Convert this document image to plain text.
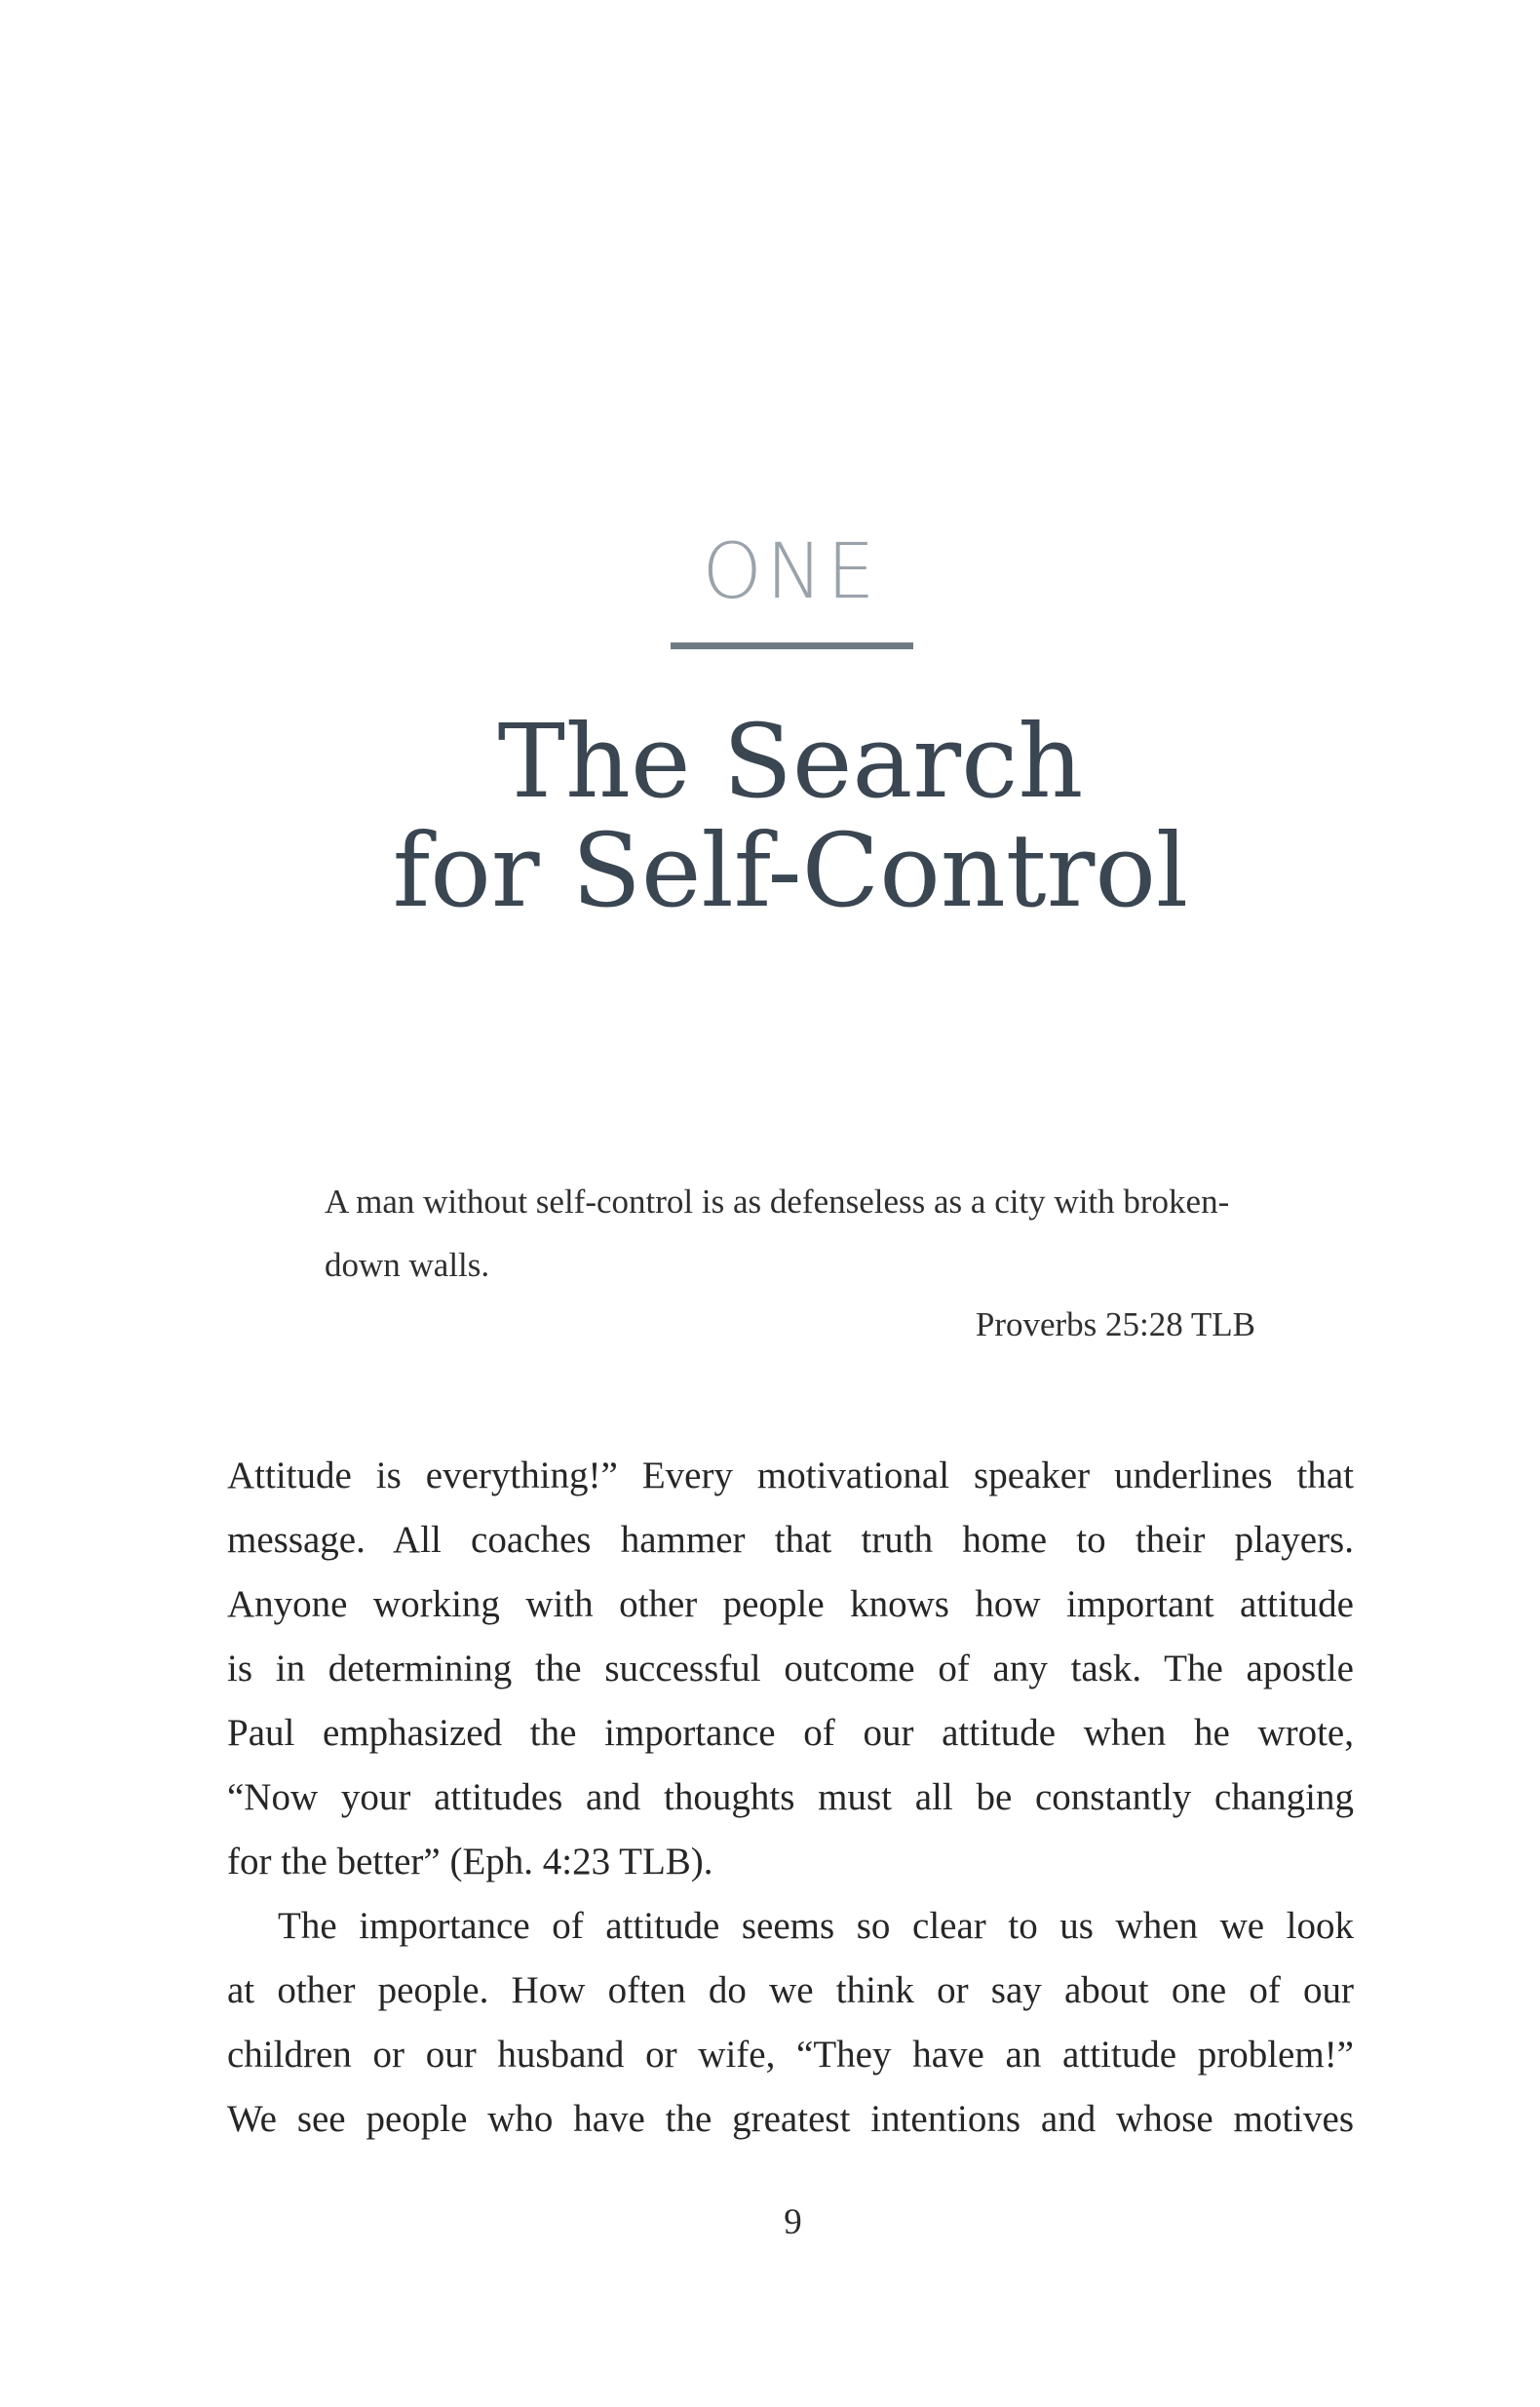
ONE
The Search
for Self-Control
A man without self-control is as defenseless as a city with broken-down walls.
Proverbs 25:28 TLB

Attitude is everything!” Every motivational speaker underlines that

message. All coaches hammer that truth home to their players.

Anyone working with other people knows how important attitude

is in determining the successful outcome of any task. The apostle

Paul emphasized the importance of our attitude when he wrote,

“Now your attitudes and thoughts must all be constantly changing

for the better” (Eph. 4:23 TLB).

The importance of attitude seems so clear to us when we look

at other people. How often do we think or say about one of our

children or our husband or wife, “They have an attitude problem!”

We see people who have the greatest intentions and whose motives

9
